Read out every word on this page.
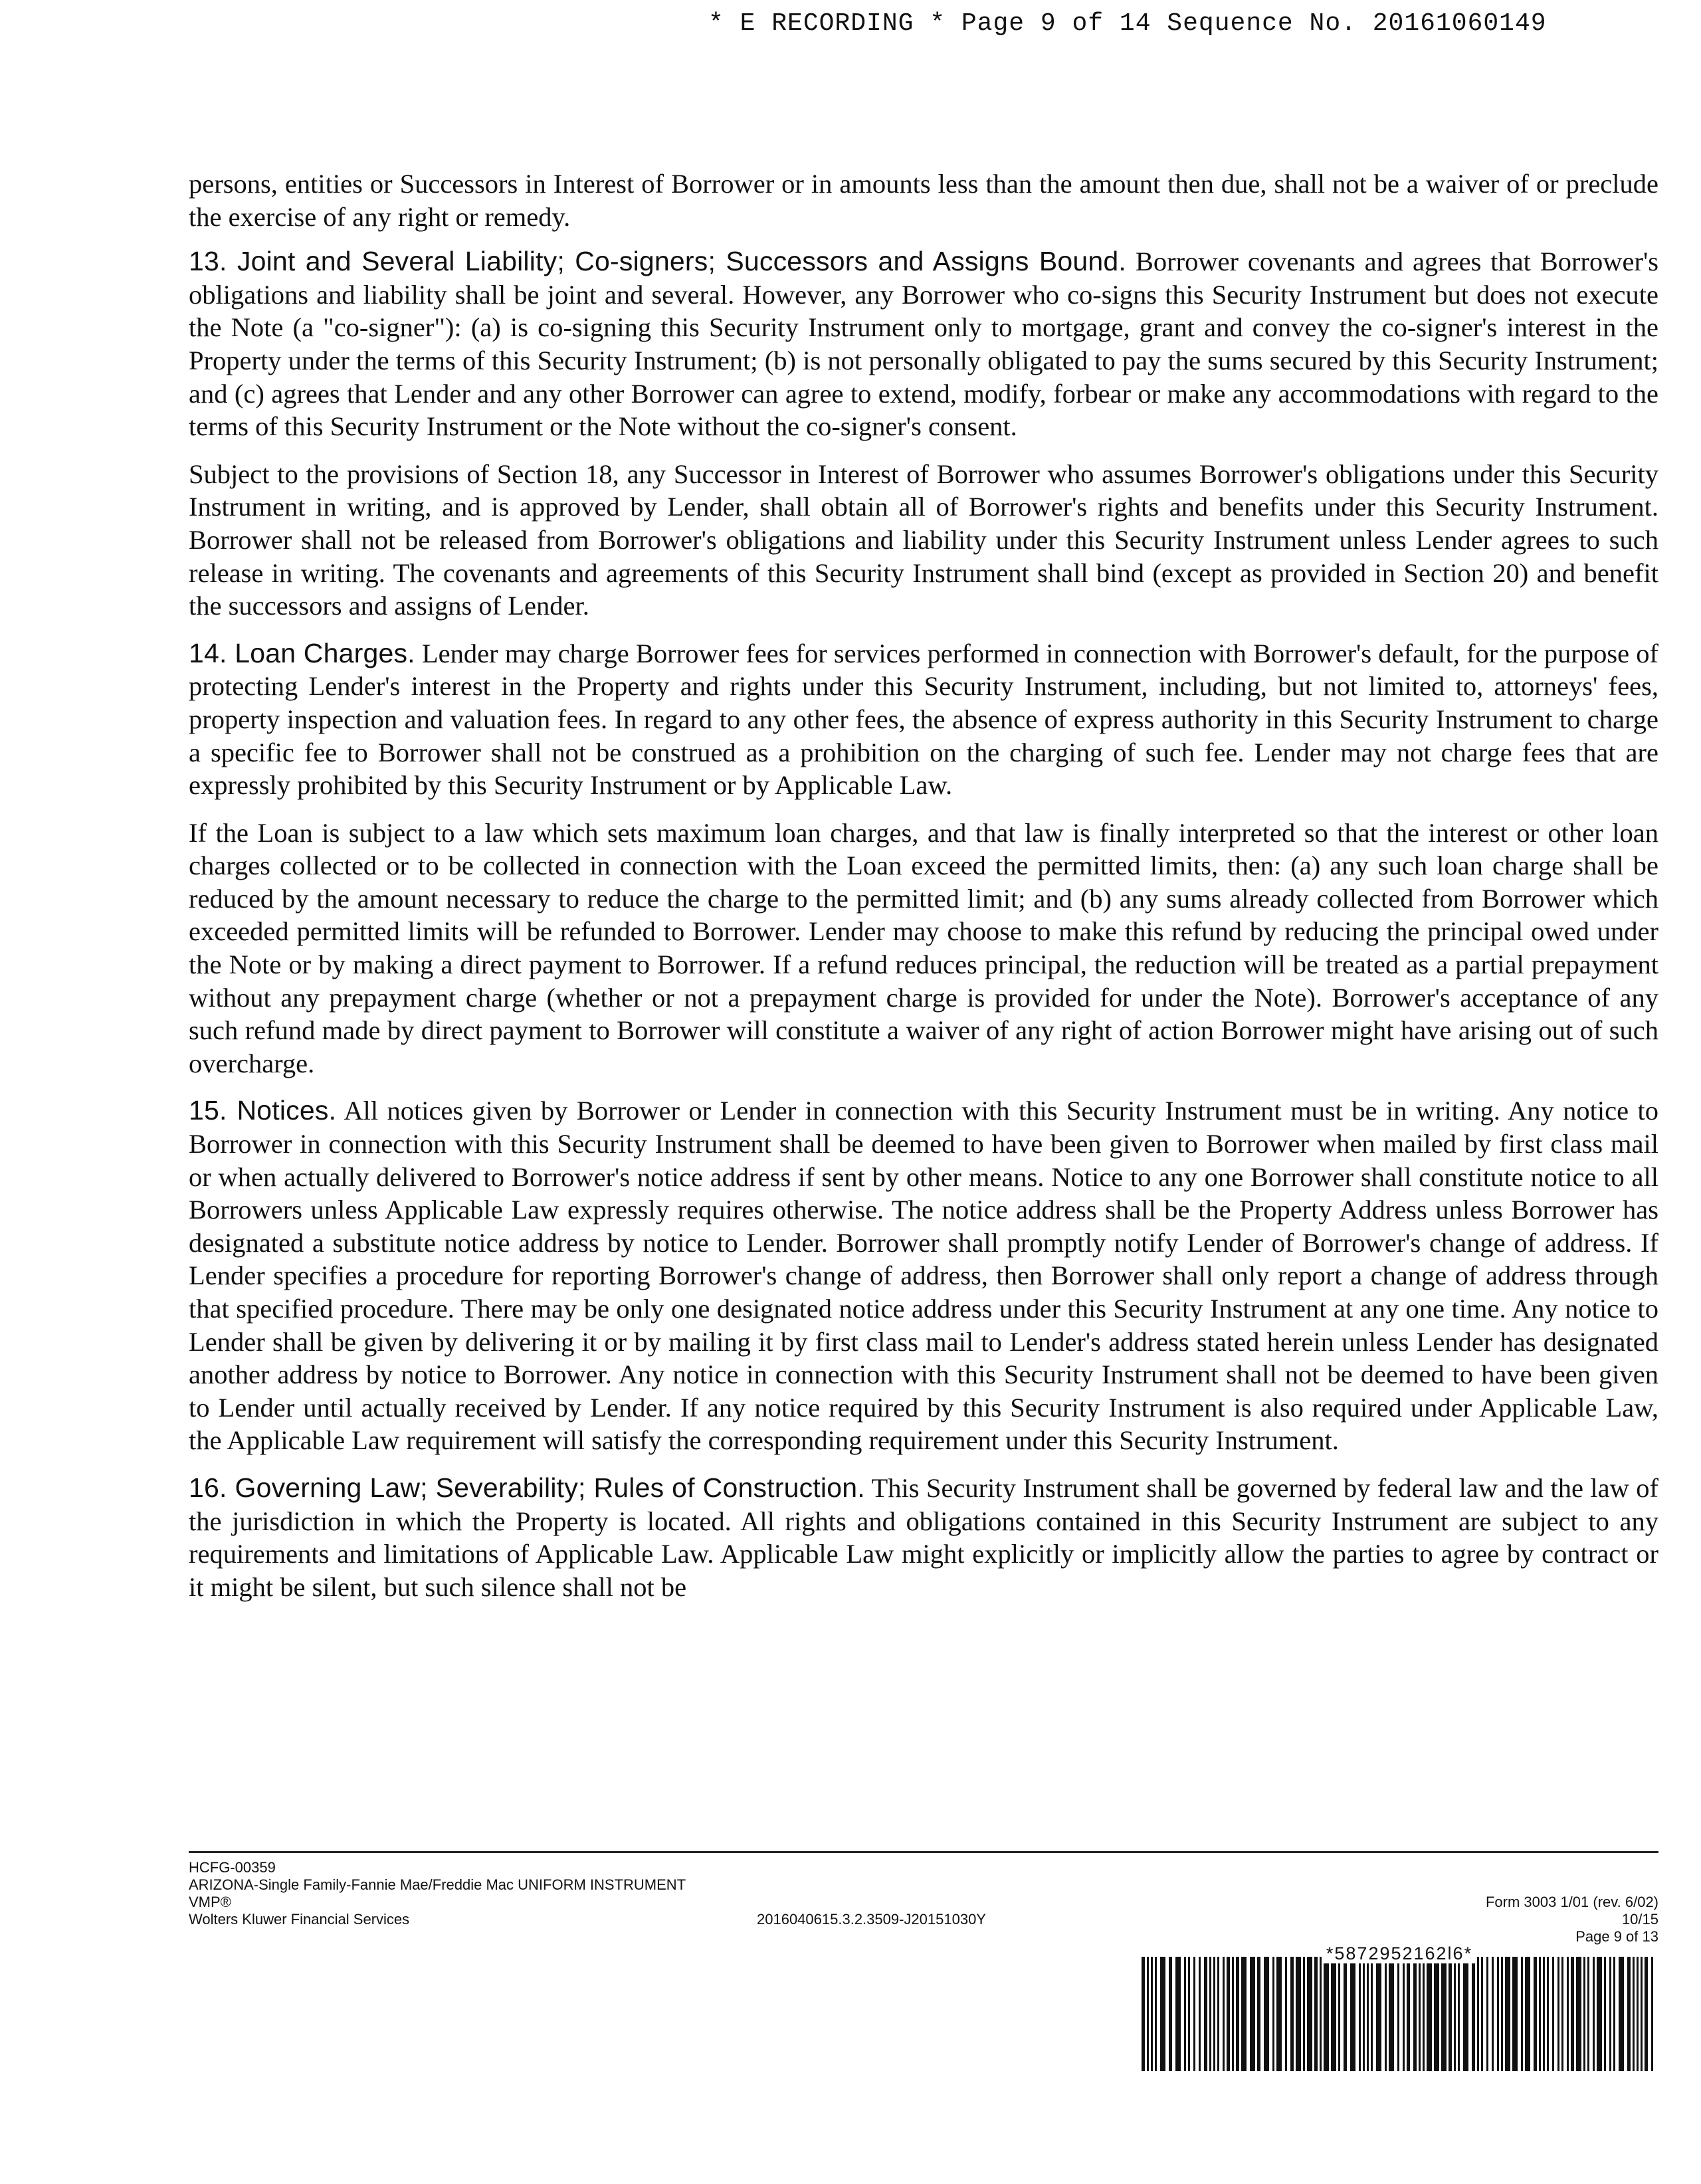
* E RECORDING * Page 9 of 14 Sequence No. 20161060149

persons, entities or Successors in Interest of Borrower or in amounts less than the amount then due, shall not be a waiver of or preclude the exercise of any right or remedy.

13. Joint and Several Liability; Co-signers; Successors and Assigns Bound. Borrower covenants and agrees that Borrower's obligations and liability shall be joint and several. However, any Borrower who co-signs this Security Instrument but does not execute the Note (a "co-signer"): (a) is co-signing this Security Instrument only to mortgage, grant and convey the co-signer's interest in the Property under the terms of this Security Instrument; (b) is not personally obligated to pay the sums secured by this Security Instrument; and (c) agrees that Lender and any other Borrower can agree to extend, modify, forbear or make any accommodations with regard to the terms of this Security Instrument or the Note without the co-signer's consent.

Subject to the provisions of Section 18, any Successor in Interest of Borrower who assumes Borrower's obligations under this Security Instrument in writing, and is approved by Lender, shall obtain all of Borrower's rights and benefits under this Security Instrument. Borrower shall not be released from Borrower's obligations and liability under this Security Instrument unless Lender agrees to such release in writing. The covenants and agreements of this Security Instrument shall bind (except as provided in Section 20) and benefit the successors and assigns of Lender.

14. Loan Charges. Lender may charge Borrower fees for services performed in connection with Borrower's default, for the purpose of protecting Lender's interest in the Property and rights under this Security Instrument, including, but not limited to, attorneys' fees, property inspection and valuation fees. In regard to any other fees, the absence of express authority in this Security Instrument to charge a specific fee to Borrower shall not be construed as a prohibition on the charging of such fee. Lender may not charge fees that are expressly prohibited by this Security Instrument or by Applicable Law.

If the Loan is subject to a law which sets maximum loan charges, and that law is finally interpreted so that the interest or other loan charges collected or to be collected in connection with the Loan exceed the permitted limits, then: (a) any such loan charge shall be reduced by the amount necessary to reduce the charge to the permitted limit; and (b) any sums already collected from Borrower which exceeded permitted limits will be refunded to Borrower. Lender may choose to make this refund by reducing the principal owed under the Note or by making a direct payment to Borrower. If a refund reduces principal, the reduction will be treated as a partial prepayment without any prepayment charge (whether or not a prepayment charge is provided for under the Note). Borrower's acceptance of any such refund made by direct payment to Borrower will constitute a waiver of any right of action Borrower might have arising out of such overcharge.

15. Notices. All notices given by Borrower or Lender in connection with this Security Instrument must be in writing. Any notice to Borrower in connection with this Security Instrument shall be deemed to have been given to Borrower when mailed by first class mail or when actually delivered to Borrower's notice address if sent by other means. Notice to any one Borrower shall constitute notice to all Borrowers unless Applicable Law expressly requires otherwise. The notice address shall be the Property Address unless Borrower has designated a substitute notice address by notice to Lender. Borrower shall promptly notify Lender of Borrower's change of address. If Lender specifies a procedure for reporting Borrower's change of address, then Borrower shall only report a change of address through that specified procedure. There may be only one designated notice address under this Security Instrument at any one time. Any notice to Lender shall be given by delivering it or by mailing it by first class mail to Lender's address stated herein unless Lender has designated another address by notice to Borrower. Any notice in connection with this Security Instrument shall not be deemed to have been given to Lender until actually received by Lender. If any notice required by this Security Instrument is also required under Applicable Law, the Applicable Law requirement will satisfy the corresponding requirement under this Security Instrument.

16. Governing Law; Severability; Rules of Construction. This Security Instrument shall be governed by federal law and the law of the jurisdiction in which the Property is located. All rights and obligations contained in this Security Instrument are subject to any requirements and limitations of Applicable Law. Applicable Law might explicitly or implicitly allow the parties to agree by contract or it might be silent, but such silence shall not be

HCFG-00359
ARIZONA-Single Family-Fannie Mae/Freddie Mac UNIFORM INSTRUMENT
VMP®
Wolters Kluwer Financial Services	2016040615.3.2.3509-J20151030Y
Form 3003 1/01 (rev. 6/02)
10/15
Page 9 of 13
*5872952162l6*
